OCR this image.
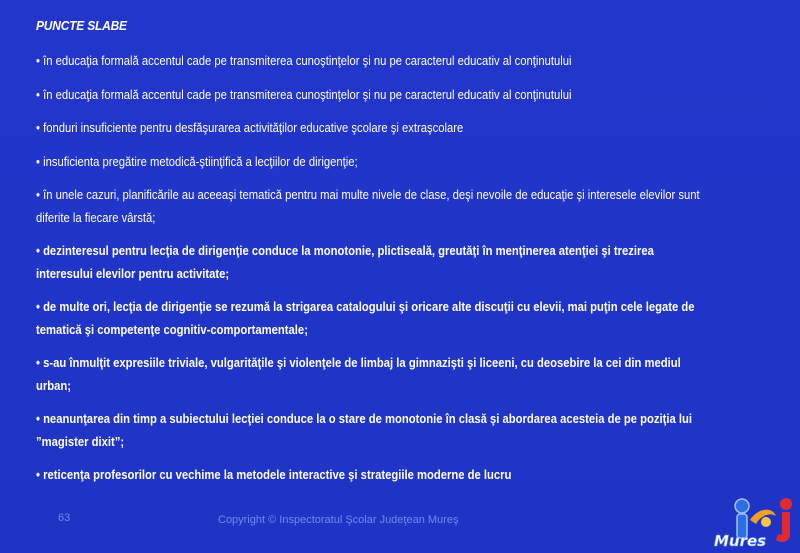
PUNCTE SLABE
• în educaţia formală accentul cade pe transmiterea cunoştinţelor şi nu pe caracterul educativ al conţinutului
• în educaţia formală accentul cade pe transmiterea cunoştinţelor şi nu pe caracterul educativ al conţinutului
• fonduri insuficiente pentru desfăşurarea activităţilor educative şcolare şi extraşcolare
• insuficienta pregătire metodică-ştiinţifică a lecţiilor de dirigenţie;
• în unele cazuri, planificările au aceeaşi tematică pentru mai multe nivele de clase, deşi nevoile de educaţie şi interesele elevilor sunt diferite la fiecare vârstă;
• dezinteresul pentru lecţia de dirigenţie conduce la monotonie, plictiseală, greutăţi în menţinerea atenţiei şi trezirea interesului elevilor pentru activitate;
• de multe ori, lecţia de dirigenţie se rezumă la strigarea catalogului şi oricare alte discuţii cu elevii, mai puţin cele legate de tematică şi competenţe cognitiv-comportamentale;
• s-au înmulţit expresiile triviale, vulgarităţile şi violenţele de limbaj la gimnazişti şi liceeni, cu deosebire la cei din mediul urban;
• neanunţarea din timp a subiectului lecţiei conduce la o stare de monotonie în clasă şi abordarea acesteia de pe poziţia lui ”magister dixit”;
• reticenţa profesorilor cu vechime la metodele interactive şi strategiile moderne de lucru
63	Copyright © Inspectoratul Şcolar Judeţean Mureş
Mures
